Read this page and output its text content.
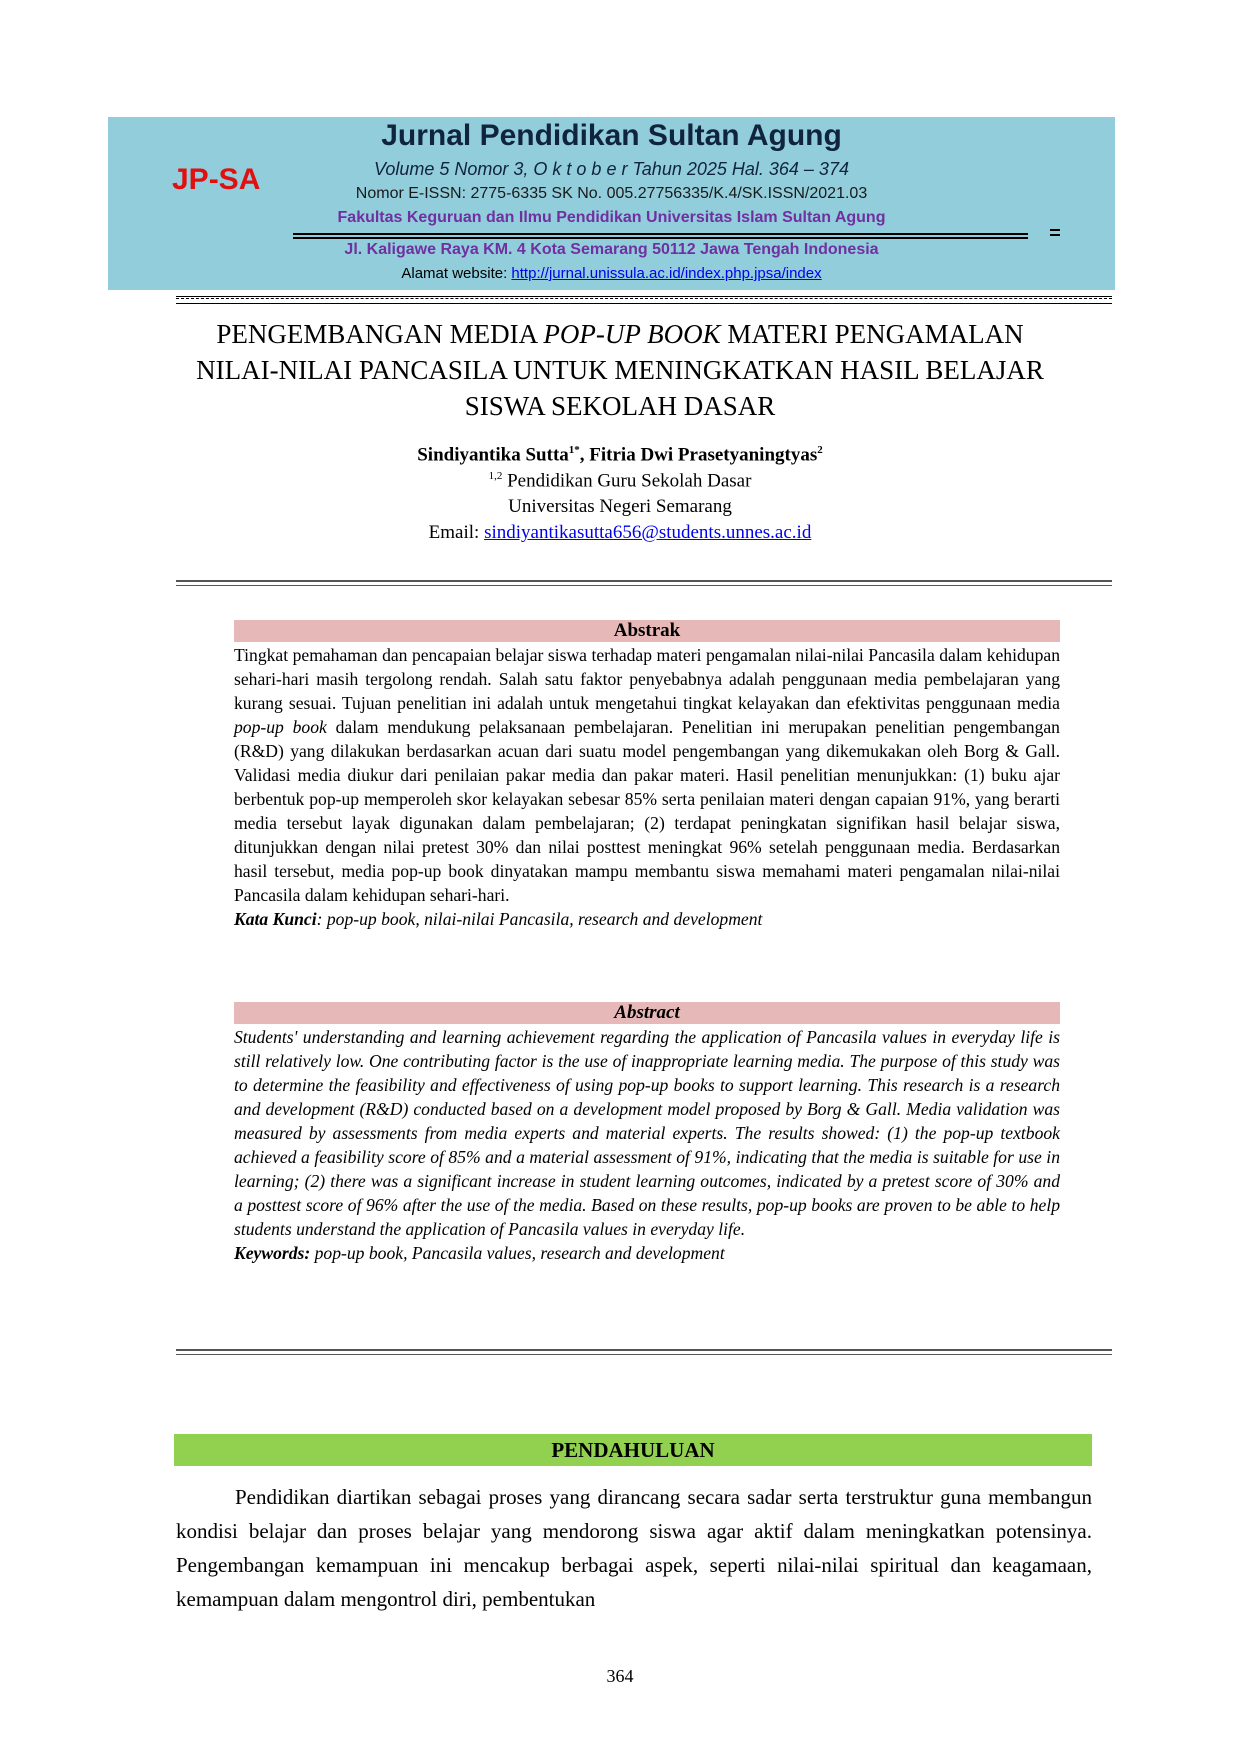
JP-SA
Jurnal Pendidikan Sultan Agung
Volume 5 Nomor 3, O k t o b e r Tahun 2025 Hal. 364 – 374
Nomor E-ISSN: 2775-6335 SK No. 005.27756335/K.4/SK.ISSN/2021.03
Fakultas Keguruan dan Ilmu Pendidikan Universitas Islam Sultan Agung
Jl. Kaligawe Raya KM. 4 Kota Semarang 50112 Jawa Tengah Indonesia
Alamat website: http://jurnal.unissula.ac.id/index.php.jpsa/index
PENGEMBANGAN MEDIA POP-UP BOOK MATERI PENGAMALAN
NILAI-NILAI PANCASILA UNTUK MENINGKATKAN HASIL BELAJAR
SISWA SEKOLAH DASAR
Sindiyantika Sutta$^{1*}$, Fitria Dwi Prasetyaningtyas$^2$
$^{1,2}$ Pendidikan Guru Sekolah Dasar
Universitas Negeri Semarang
Email: sindiyantikasutta656@students.unnes.ac.id
Abstrak

Tingkat pemahaman dan pencapaian belajar siswa terhadap materi pengamalan nilai-nilai Pancasila dalam kehidupan sehari-hari masih tergolong rendah. Salah satu faktor penyebabnya adalah penggunaan media pembelajaran yang kurang sesuai. Tujuan penelitian ini adalah untuk mengetahui tingkat kelayakan dan efektivitas penggunaan media pop-up book dalam mendukung pelaksanaan pembelajaran. Penelitian ini merupakan penelitian pengembangan (R&D) yang dilakukan berdasarkan acuan dari suatu model pengembangan yang dikemukakan oleh Borg & Gall. Validasi media diukur dari penilaian pakar media dan pakar materi. Hasil penelitian menunjukkan: (1) buku ajar berbentuk pop-up memperoleh skor kelayakan sebesar 85% serta penilaian materi dengan capaian 91%, yang berarti media tersebut layak digunakan dalam pembelajaran; (2) terdapat peningkatan signifikan hasil belajar siswa, ditunjukkan dengan nilai pretest 30% dan nilai posttest meningkat 96% setelah penggunaan media. Berdasarkan hasil tersebut, media pop-up book dinyatakan mampu membantu siswa memahami materi pengamalan nilai-nilai Pancasila dalam kehidupan sehari-hari.

Kata Kunci: pop-up book, nilai-nilai Pancasila, research and development

Abstract

Students' understanding and learning achievement regarding the application of Pancasila values in everyday life is still relatively low. One contributing factor is the use of inappropriate learning media. The purpose of this study was to determine the feasibility and effectiveness of using pop-up books to support learning. This research is a research and development (R&D) conducted based on a development model proposed by Borg & Gall. Media validation was measured by assessments from media experts and material experts. The results showed: (1) the pop-up textbook achieved a feasibility score of 85% and a material assessment of 91%, indicating that the media is suitable for use in learning; (2) there was a significant increase in student learning outcomes, indicated by a pretest score of 30% and a posttest score of 96% after the use of the media. Based on these results, pop-up books are proven to be able to help students understand the application of Pancasila values in everyday life.

Keywords: pop-up book, Pancasila values, research and development

PENDAHULUAN

Pendidikan diartikan sebagai proses yang dirancang secara sadar serta terstruktur guna membangun kondisi belajar dan proses belajar yang mendorong siswa agar aktif dalam meningkatkan potensinya. Pengembangan kemampuan ini mencakup berbagai aspek, seperti nilai-nilai spiritual dan keagamaan, kemampuan dalam mengontrol diri, pembentukan

364
